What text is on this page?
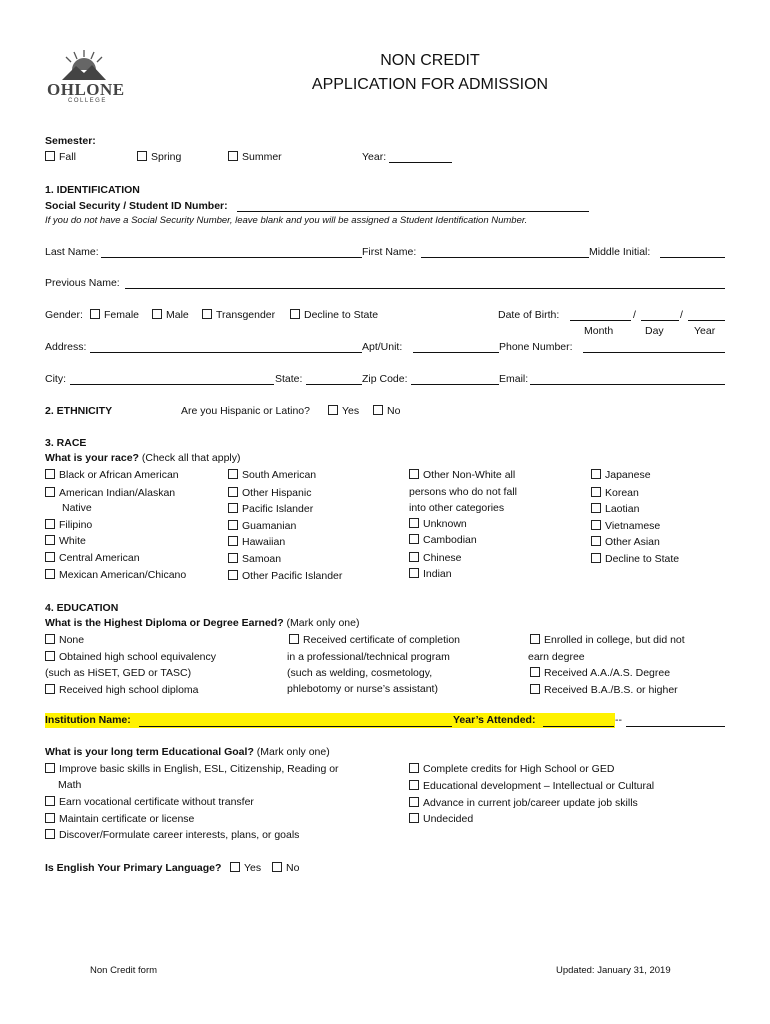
OHLONE
COLLEGE
NON CREDIT
APPLICATION FOR ADMISSION
Semester:
Fall	Spring	Summer	Year:
1. IDENTIFICATION
Social Security / Student ID Number:
If you do not have a Social Security Number, leave blank and you will be assigned a Student Identification Number.
Last Name:	First Name:	Middle Initial:
Previous Name:
Gender:	Female	Male	Transgender	Decline to State	Date of Birth:	/	/
Month	Day	Year
Address:	Apt/Unit:	Phone Number:
City:	State:	Zip Code:	Email:
2. ETHNICITY	Are you Hispanic or Latino?	Yes	No
3. RACE
What is your race? (Check all that apply)
Black or African American
American Indian/Alaskan
Native
Filipino
White
Central American
Mexican American/Chicano
South American
Other Hispanic
Pacific Islander
Guamanian
Hawaiian
Samoan
Other Pacific Islander
Other Non-White all
persons who do not fall
into other categories
Unknown
Cambodian
Chinese
Indian
Japanese
Korean
Laotian
Vietnamese
Other Asian
Decline to State
4. EDUCATION
What is the Highest Diploma or Degree Earned? (Mark only one)
None
Obtained high school equivalency
(such as HiSET, GED or TASC)
Received high school diploma
Received certificate of completion
in a professional/technical program
(such as welding, cosmetology,
phlebotomy or nurse’s assistant)
Enrolled in college, but did not
earn degree
Received A.A./A.S. Degree
Received B.A./B.S. or higher
Institution Name:	Year’s Attended:	--
What is your long term Educational Goal? (Mark only one)
Improve basic skills in English, ESL, Citizenship, Reading or
Math
Earn vocational certificate without transfer
Maintain certificate or license
Discover/Formulate career interests, plans, or goals
Complete credits for High School or GED
Educational development – Intellectual or Cultural
Advance in current job/career update job skills
Undecided
Is English Your Primary Language?	Yes	No
Non Credit form	Updated: January 31, 2019
